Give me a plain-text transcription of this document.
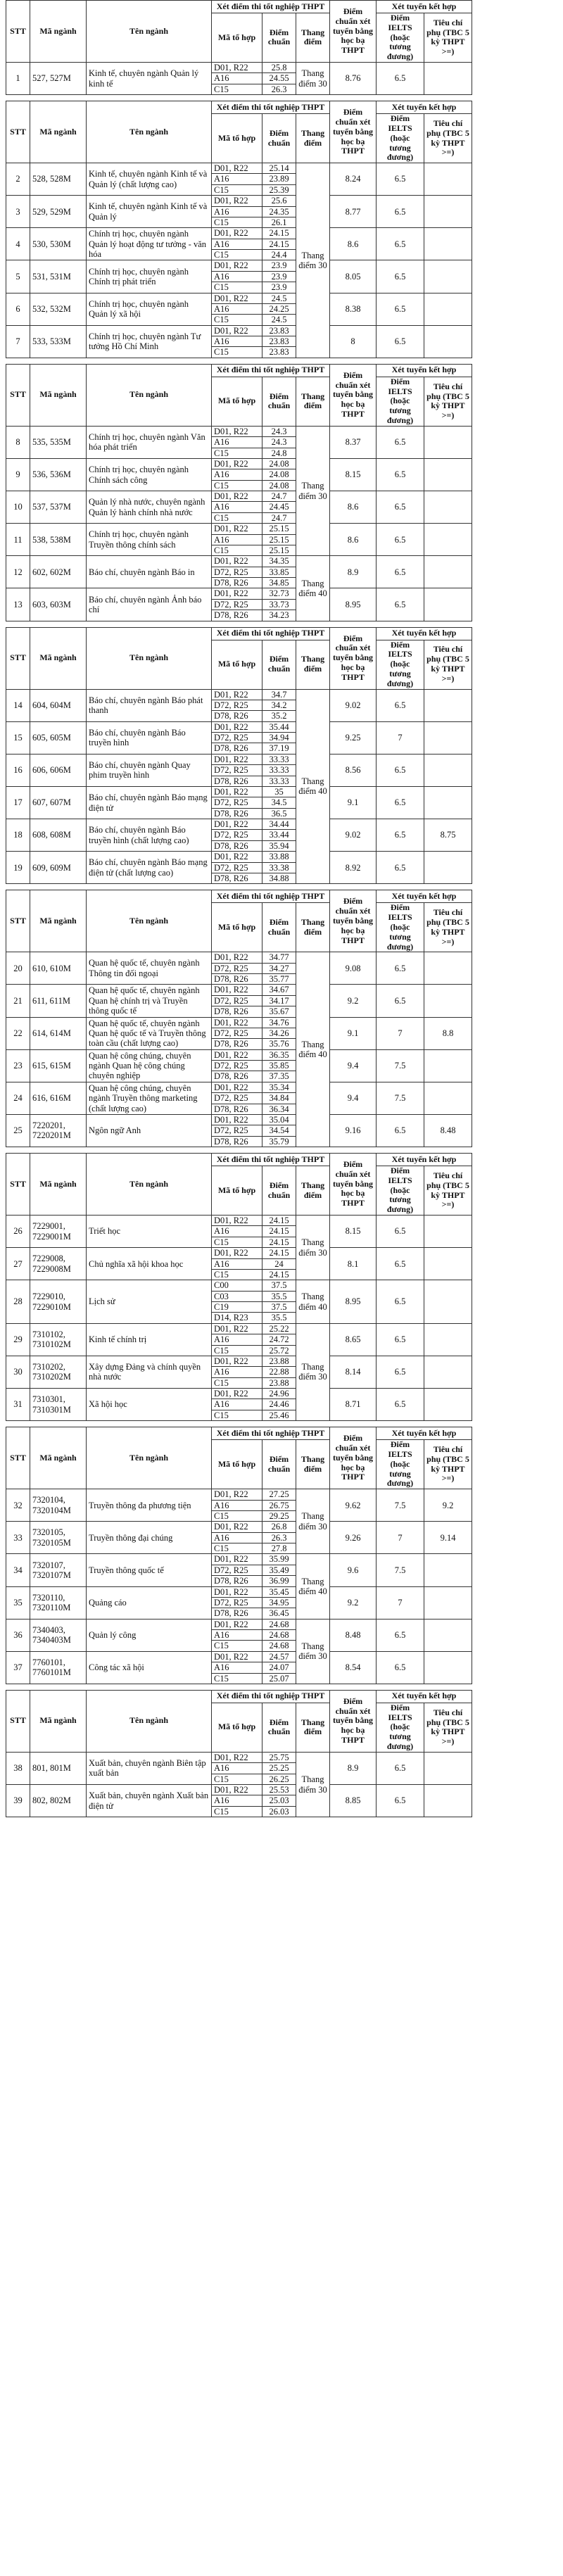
STT	Mã ngành	Tên ngành	Xét điểm thi tốt nghiệp THPT			Điểm chuẩn xét tuyển bằng học bạ THPT	Xét tuyển kết hợp		
			Mã tổ hợp	Điểm chuẩn	Thang điểm		Điểm IELTS (hoặc tương đương)	Tiêu chí phụ (TBC 5 kỳ THPT >=)	
1	527, 527M	Kinh tế, chuyên ngành Quản lý kinh tế	D01, R22	25.8	Thang điểm 30	8.76	6.5		
			A16	24.55					
			C15	26.3					
STT	Mã ngành	Tên ngành	Xét điểm thi tốt nghiệp THPT			Điểm chuẩn xét tuyển bằng học bạ THPT	Xét tuyển kết hợp		
			Mã tổ hợp	Điểm chuẩn	Thang điểm		Điểm IELTS (hoặc tương đương)	Tiêu chí phụ (TBC 5 kỳ THPT >=)	
2	528, 528M	Kinh tế, chuyên ngành Kinh tế và Quản lý (chất lượng cao)	D01, R22	25.14	Thang điểm 30	8.24	6.5		
			A16	23.89					
			C15	25.39					
3	529, 529M	Kinh tế, chuyên ngành Kinh tế và Quản lý	D01, R22	25.6		8.77	6.5		
			A16	24.35					
			C15	26.1					
4	530, 530M	Chính trị học, chuyên ngành Quản lý hoạt động tư tưởng - văn hóa	D01, R22	24.15		8.6	6.5		
			A16	24.15					
			C15	24.4					
5	531, 531M	Chính trị học, chuyên ngành Chính trị phát triển	D01, R22	23.9		8.05	6.5		
			A16	23.9					
			C15	23.9					
6	532, 532M	Chính trị học, chuyên ngành Quản lý xã hội	D01, R22	24.5		8.38	6.5		
			A16	24.25					
			C15	24.5					
7	533, 533M	Chính trị học, chuyên ngành Tư tưởng Hồ Chí Minh	D01, R22	23.83		8	6.5		
			A16	23.83					
			C15	23.83					
STT	Mã ngành	Tên ngành	Xét điểm thi tốt nghiệp THPT			Điểm chuẩn xét tuyển bằng học bạ THPT	Xét tuyển kết hợp		
			Mã tổ hợp	Điểm chuẩn	Thang điểm		Điểm IELTS (hoặc tương đương)	Tiêu chí phụ (TBC 5 kỳ THPT >=)	
8	535, 535M	Chính trị học, chuyên ngành Văn hóa phát triển	D01, R22	24.3	Thang điểm 30	8.37	6.5		
			A16	24.3					
			C15	24.8					
9	536, 536M	Chính trị học, chuyên ngành Chính sách công	D01, R22	24.08		8.15	6.5		
			A16	24.08					
			C15	24.08					
10	537, 537M	Quản lý nhà nước, chuyên ngành Quản lý hành chính nhà nước	D01, R22	24.7		8.6	6.5		
			A16	24.45					
			C15	24.7					
11	538, 538M	Chính trị học, chuyên ngành Truyền thông chính sách	D01, R22	25.15		8.6	6.5		
			A16	25.15					
			C15	25.15					
12	602, 602M	Báo chí, chuyên ngành Báo in	D01, R22	34.35	Thang điểm 40	8.9	6.5		
			D72, R25	33.85					
			D78, R26	34.85					
13	603, 603M	Báo chí, chuyên ngành Ảnh báo chí	D01, R22	32.73		8.95	6.5		
			D72, R25	33.73					
			D78, R26	34.23					
STT	Mã ngành	Tên ngành	Xét điểm thi tốt nghiệp THPT			Điểm chuẩn xét tuyển bằng học bạ THPT	Xét tuyển kết hợp		
			Mã tổ hợp	Điểm chuẩn	Thang điểm		Điểm IELTS (hoặc tương đương)	Tiêu chí phụ (TBC 5 kỳ THPT >=)	
14	604, 604M	Báo chí, chuyên ngành Báo phát thanh	D01, R22	34.7	Thang điểm 40	9.02	6.5		
			D72, R25	34.2					
			D78, R26	35.2					
15	605, 605M	Báo chí, chuyên ngành Báo truyền hình	D01, R22	35.44		9.25	7		
			D72, R25	34.94					
			D78, R26	37.19					
16	606, 606M	Báo chí, chuyên ngành Quay phim truyền hình	D01, R22	33.33		8.56	6.5		
			D72, R25	33.33					
			D78, R26	33.33					
17	607, 607M	Báo chí, chuyên ngành Báo mạng điện tử	D01, R22	35		9.1	6.5		
			D72, R25	34.5					
			D78, R26	36.5					
18	608, 608M	Báo chí, chuyên ngành Báo truyền hình (chất lượng cao)	D01, R22	34.44		9.02	6.5	8.75	
			D72, R25	33.44					
			D78, R26	35.94					
19	609, 609M	Báo chí, chuyên ngành Báo mạng điện tử (chất lượng cao)	D01, R22	33.88		8.92	6.5		
			D72, R25	33.38					
			D78, R26	34.88					
STT	Mã ngành	Tên ngành	Xét điểm thi tốt nghiệp THPT			Điểm chuẩn xét tuyển bằng học bạ THPT	Xét tuyển kết hợp		
			Mã tổ hợp	Điểm chuẩn	Thang điểm		Điểm IELTS (hoặc tương đương)	Tiêu chí phụ (TBC 5 kỳ THPT >=)	
20	610, 610M	Quan hệ quốc tế, chuyên ngành Thông tin đối ngoại	D01, R22	34.77	Thang điểm 40	9.08	6.5		
			D72, R25	34.27					
			D78, R26	35.77					
21	611, 611M	Quan hệ quốc tế, chuyên ngành Quan hệ chính trị và Truyền thông quốc tế	D01, R22	34.67		9.2	6.5		
			D72, R25	34.17					
			D78, R26	35.67					
22	614, 614M	Quan hệ quốc tế, chuyên ngành Quan hệ quốc tế và Truyền thông toàn cầu (chất lượng cao)	D01, R22	34.76		9.1	7	8.8	
			D72, R25	34.26					
			D78, R26	35.76					
23	615, 615M	Quan hệ công chúng, chuyên ngành Quan hệ công chúng chuyên nghiệp	D01, R22	36.35		9.4	7.5		
			D72, R25	35.85					
			D78, R26	37.35					
24	616, 616M	Quan hệ công chúng, chuyên ngành Truyền thông marketing (chất lượng cao)	D01, R22	35.34		9.4	7.5		
			D72, R25	34.84					
			D78, R26	36.34					
25	7220201, 7220201M	Ngôn ngữ Anh	D01, R22	35.04		9.16	6.5	8.48	
			D72, R25	34.54					
			D78, R26	35.79					
STT	Mã ngành	Tên ngành	Xét điểm thi tốt nghiệp THPT			Điểm chuẩn xét tuyển bằng học bạ THPT	Xét tuyển kết hợp		
			Mã tổ hợp	Điểm chuẩn	Thang điểm		Điểm IELTS (hoặc tương đương)	Tiêu chí phụ (TBC 5 kỳ THPT >=)	
26	7229001, 7229001M	Triết học	D01, R22	24.15	Thang điểm 30	8.15	6.5		
			A16	24.15					
			C15	24.15					
27	7229008, 7229008M	Chủ nghĩa xã hội khoa học	D01, R22	24.15		8.1	6.5		
			A16	24					
			C15	24.15					
28	7229010, 7229010M	Lịch sử	C00	37.5	Thang điểm 40	8.95	6.5		
			C03	35.5					
			C19	37.5					
			D14, R23	35.5					
29	7310102, 7310102M	Kinh tế chính trị	D01, R22	25.22	Thang điểm 30	8.65	6.5		
			A16	24.72					
			C15	25.72					
30	7310202, 7310202M	Xây dựng Đảng và chính quyền nhà nước	D01, R22	23.88		8.14	6.5		
			A16	22.88					
			C15	23.88					
31	7310301, 7310301M	Xã hội học	D01, R22	24.96		8.71	6.5		
			A16	24.46					
			C15	25.46					
STT	Mã ngành	Tên ngành	Xét điểm thi tốt nghiệp THPT			Điểm chuẩn xét tuyển bằng học bạ THPT	Xét tuyển kết hợp		
			Mã tổ hợp	Điểm chuẩn	Thang điểm		Điểm IELTS (hoặc tương đương)	Tiêu chí phụ (TBC 5 kỳ THPT >=)	
32	7320104, 7320104M	Truyền thông đa phương tiện	D01, R22	27.25	Thang điểm 30	9.62	7.5	9.2	
			A16	26.75					
			C15	29.25					
33	7320105, 7320105M	Truyền thông đại chúng	D01, R22	26.8		9.26	7	9.14	
			A16	26.3					
			C15	27.8					
34	7320107, 7320107M	Truyền thông quốc tế	D01, R22	35.99	Thang điểm 40	9.6	7.5		
			D72, R25	35.49					
			D78, R26	36.99					
35	7320110, 7320110M	Quảng cáo	D01, R22	35.45		9.2	7		
			D72, R25	34.95					
			D78, R26	36.45					
36	7340403, 7340403M	Quản lý công	D01, R22	24.68	Thang điểm 30	8.48	6.5		
			A16	24.68					
			C15	24.68					
37	7760101, 7760101M	Công tác xã hội	D01, R22	24.57		8.54	6.5		
			A16	24.07					
			C15	25.07					
STT	Mã ngành	Tên ngành	Xét điểm thi tốt nghiệp THPT			Điểm chuẩn xét tuyển bằng học bạ THPT	Xét tuyển kết hợp		
			Mã tổ hợp	Điểm chuẩn	Thang điểm		Điểm IELTS (hoặc tương đương)	Tiêu chí phụ (TBC 5 kỳ THPT >=)	
38	801, 801M	Xuất bản, chuyên ngành Biên tập xuất bản	D01, R22	25.75	Thang điểm 30	8.9	6.5		
			A16	25.25					
			C15	26.25					
39	802, 802M	Xuất bản, chuyên ngành Xuất bản điện tử	D01, R22	25.53		8.85	6.5		
			A16	25.03					
			C15	26.03					
